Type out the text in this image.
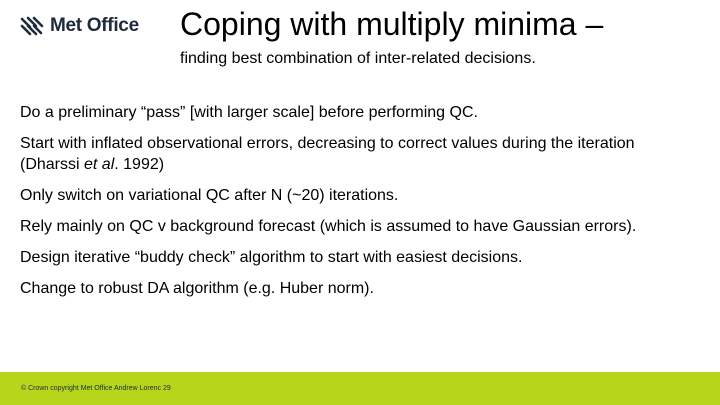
Met Office Coping with multiply minima –
finding best combination of inter-related decisions.
Do a preliminary “pass” [with larger scale] before performing QC.
Start with inflated observational errors, decreasing to correct values during the iteration (Dharssi et al. 1992)
Only switch on variational QC after N (~20) iterations.
Rely mainly on QC v background forecast (which is assumed to have Gaussian errors).
Design iterative “buddy check” algorithm to start with easiest decisions.
Change to robust DA algorithm (e.g. Huber norm).
© Crown copyright Met Office Andrew Lorenc 29
